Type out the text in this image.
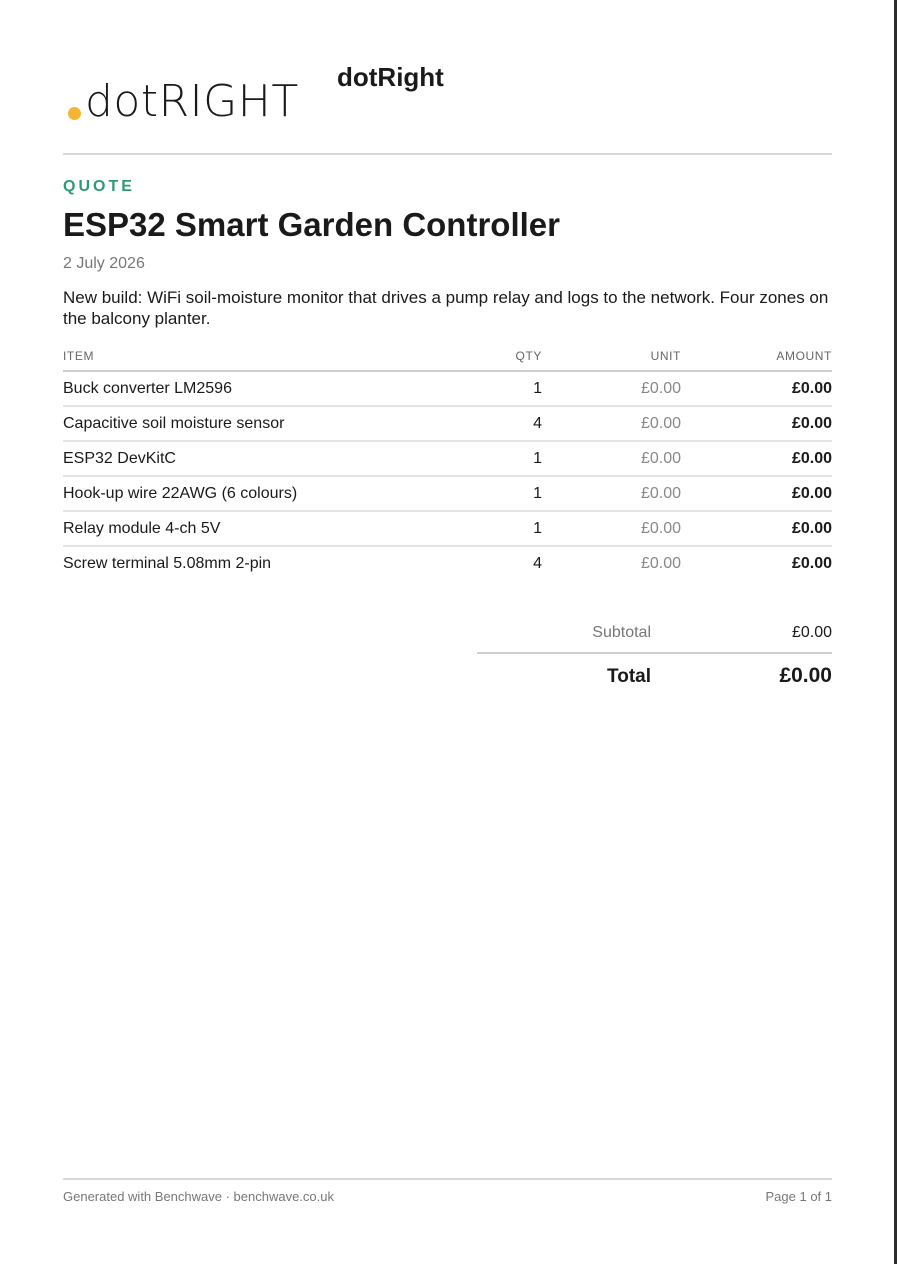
dotRIGHT dotRight
QUOTE
ESP32 Smart Garden Controller
2 July 2026
New build: WiFi soil-moisture monitor that drives a pump relay and logs to the network. Four zones on the balcony planter.
ITEM	QTY	UNIT	AMOUNT
Buck converter LM2596	1	£0.00	£0.00
Capacitive soil moisture sensor	4	£0.00	£0.00
ESP32 DevKitC	1	£0.00	£0.00
Hook-up wire 22AWG (6 colours)	1	£0.00	£0.00
Relay module 4-ch 5V	1	£0.00	£0.00
Screw terminal 5.08mm 2-pin	4	£0.00	£0.00
Subtotal	£0.00
Total	£0.00
Generated with Benchwave · benchwave.co.uk	Page 1 of 1
